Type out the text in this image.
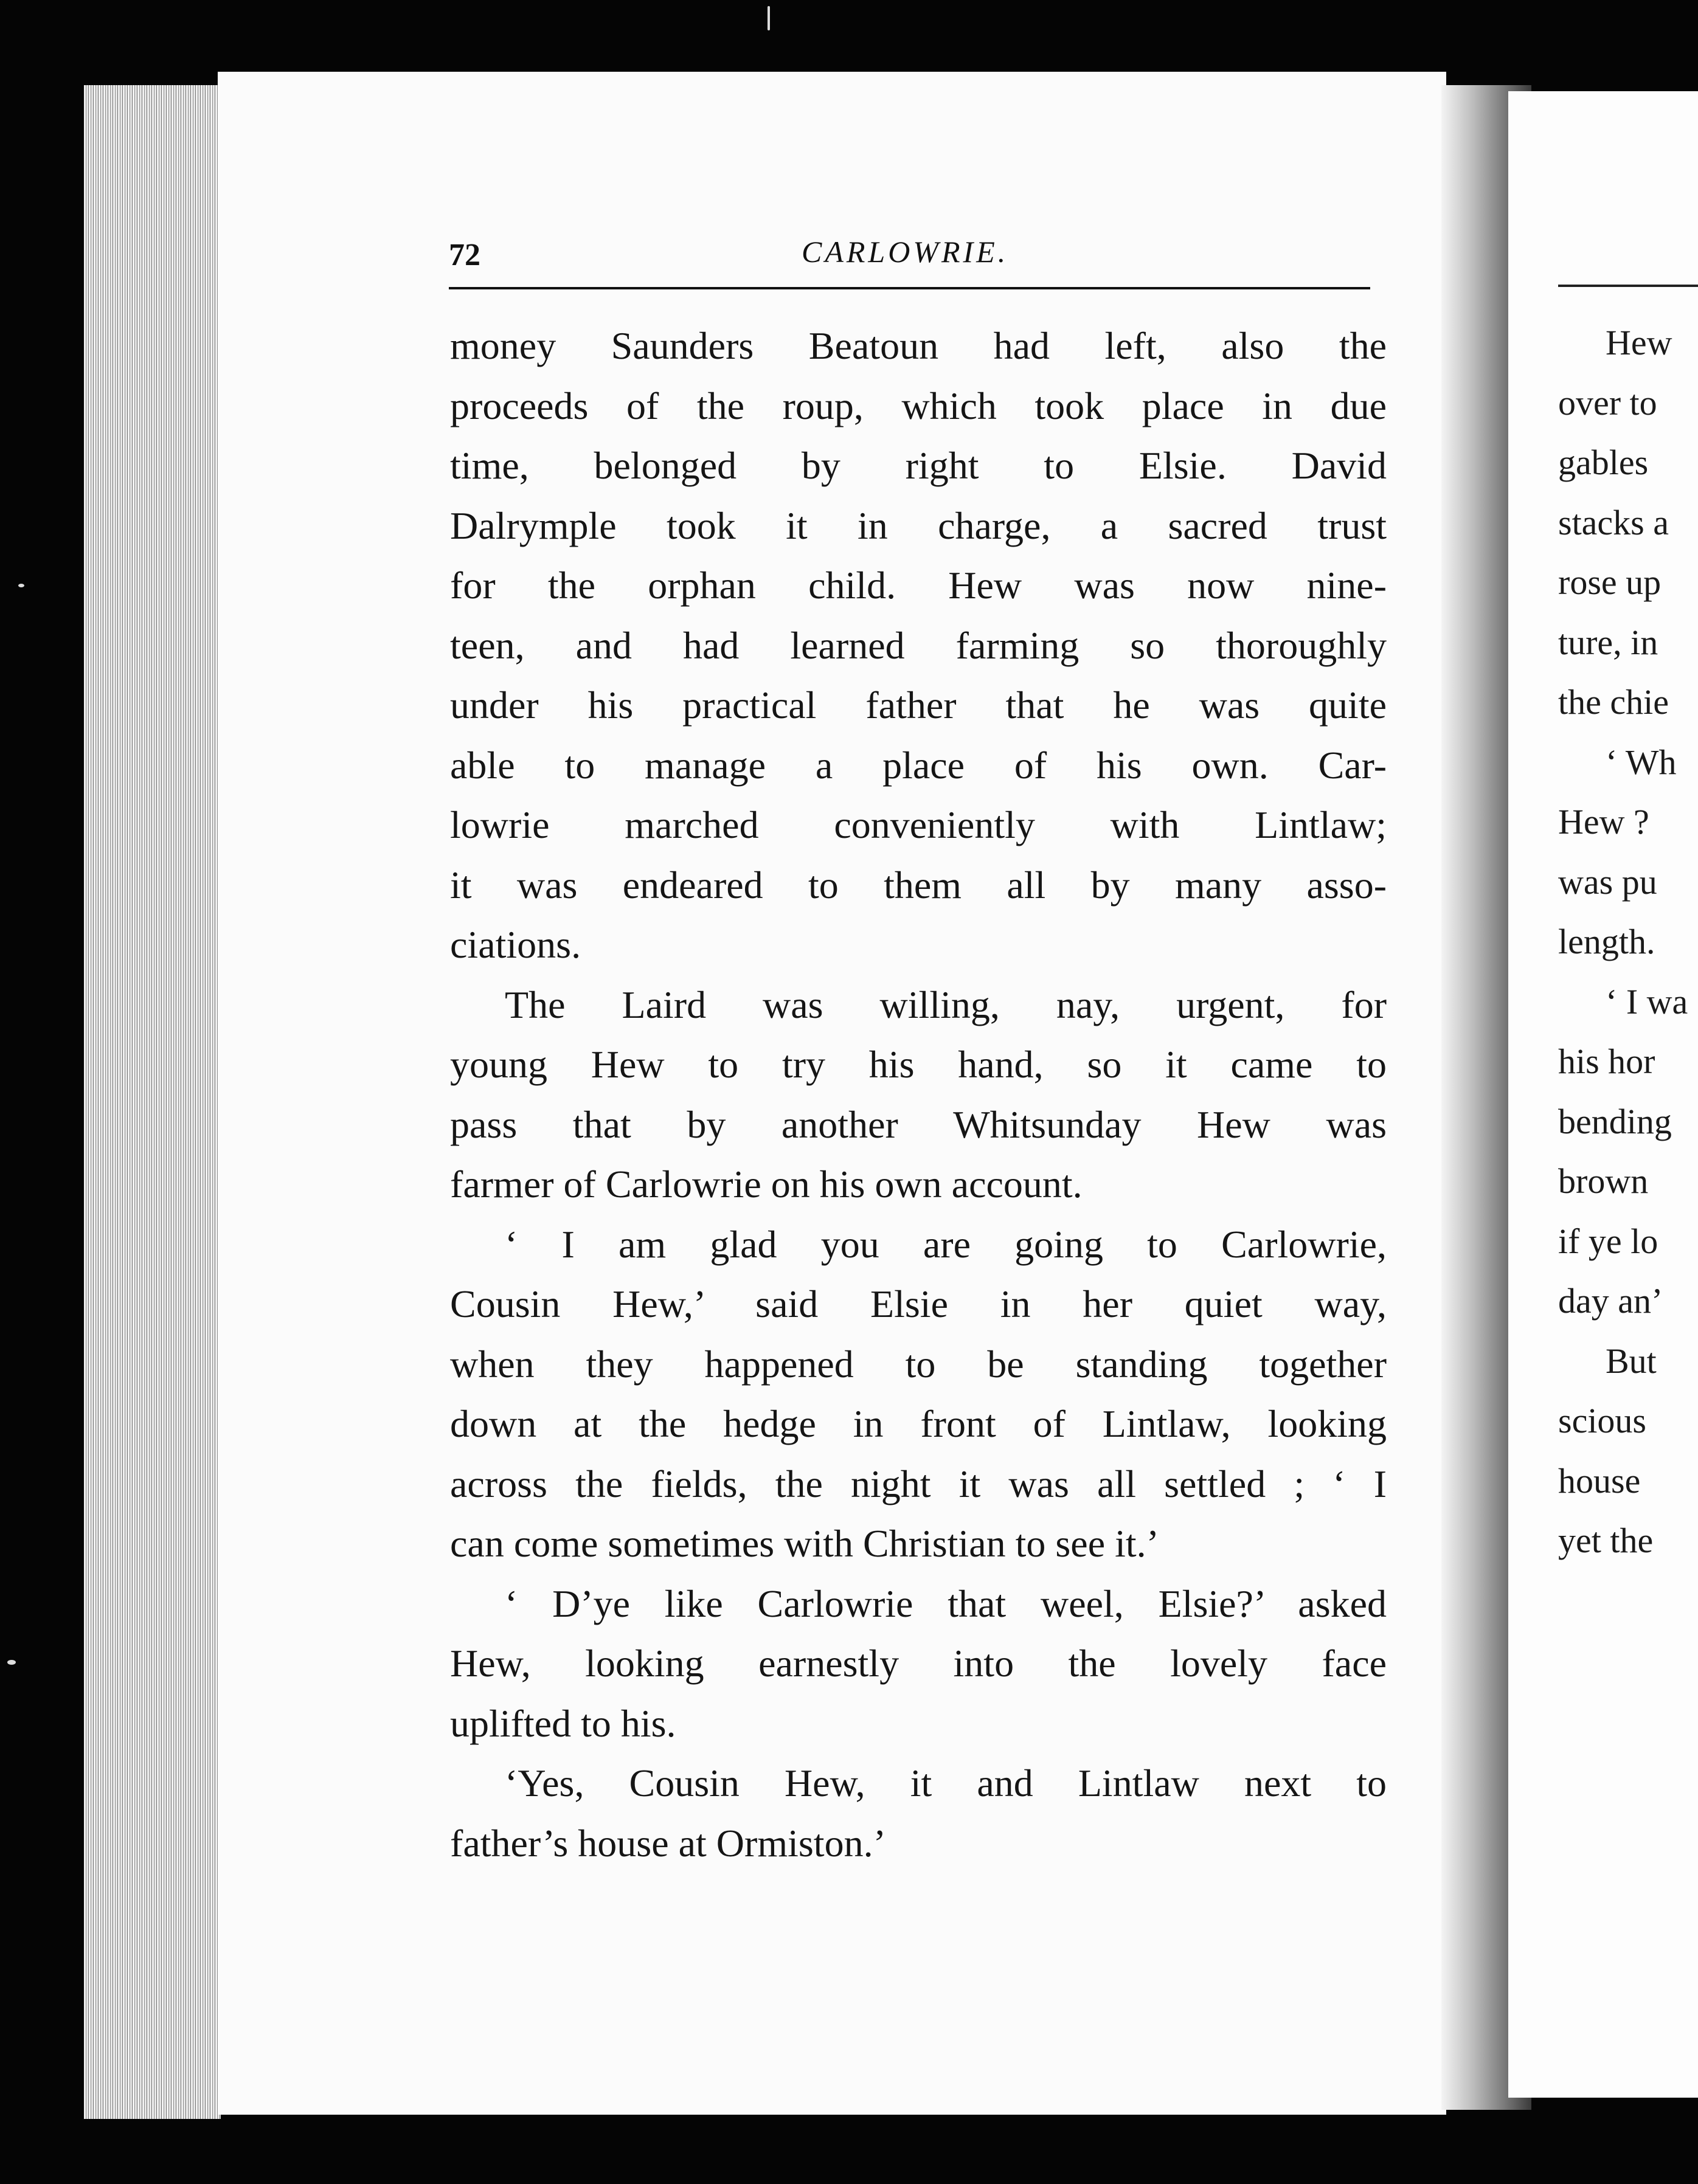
72	CARLOWRIE.
money Saunders Beatoun had left, also the
proceeds of the roup, which took place in due
time, belonged by right to Elsie. David
Dalrymple took it in charge, a sacred trust
for the orphan child. Hew was now nine-
teen, and had learned farming so thoroughly
under his practical father that he was quite
able to manage a place of his own. Car-
lowrie marched conveniently with Lintlaw;
it was endeared to them all by many asso-
ciations.
The Laird was willing, nay, urgent, for
young Hew to try his hand, so it came to
pass that by another Whitsunday Hew was
farmer of Carlowrie on his own account.
‘ I am glad you are going to Carlowrie,
Cousin Hew,’ said Elsie in her quiet way,
when they happened to be standing together
down at the hedge in front of Lintlaw, looking
across the fields, the night it was all settled ; ‘ I
can come sometimes with Christian to see it.’
‘ D’ye like Carlowrie that weel, Elsie?’ asked
Hew, looking earnestly into the lovely face
uplifted to his.
‘Yes, Cousin Hew, it and Lintlaw next to
father’s house at Ormiston.’
Hew
over to
gables
stacks a
rose up
ture, in
the chie
‘ Wh
Hew ?
was pu
length.
‘ I wa
his hor
bending
brown
if ye lo
day an’
But
scious
house
yet the
